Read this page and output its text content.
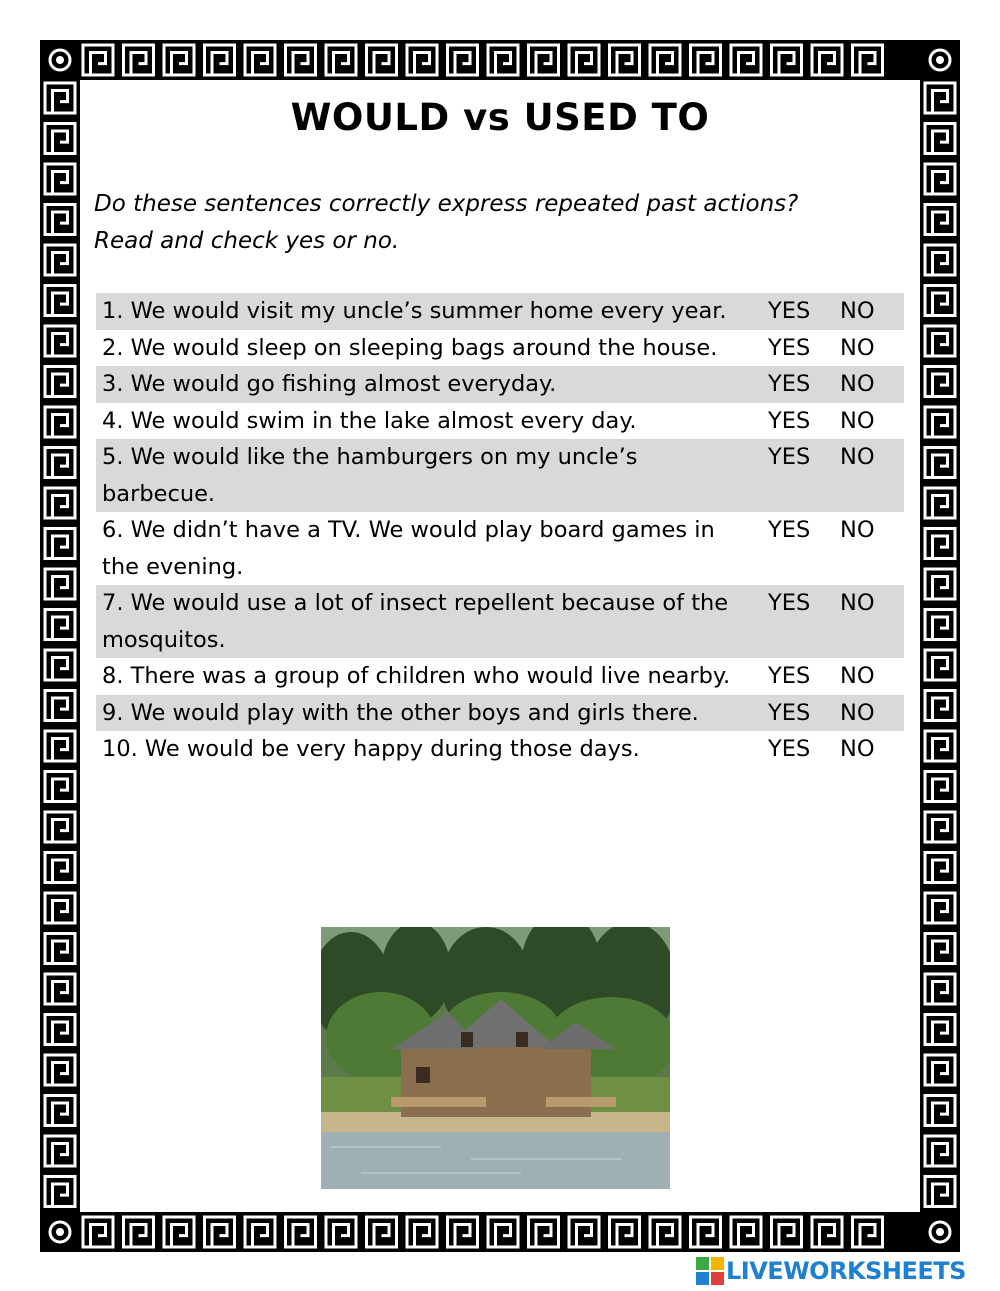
WOULD vs USED TO
Do these sentences correctly express repeated past actions?
Read and check yes or no.
1. We would visit my uncle’s summer home every year.	YES NO
2. We would sleep on sleeping bags around the house.	YES NO
3. We would go fishing almost everyday.	YES NO
4. We would swim in the lake almost every day.	YES NO
5. We would like the hamburgers on my uncle’s barbecue.
YES NO
6. We didn’t have a TV. We would play board games in the evening.
YES NO
7. We would use a lot of insect repellent because of the mosquitos.
YES NO
8. There was a group of children who would live nearby.	YES NO
9. We would play with the other boys and girls there.	YES NO
10. We would be very happy during those days.	YES NO
LIVEWORKSHEETS
